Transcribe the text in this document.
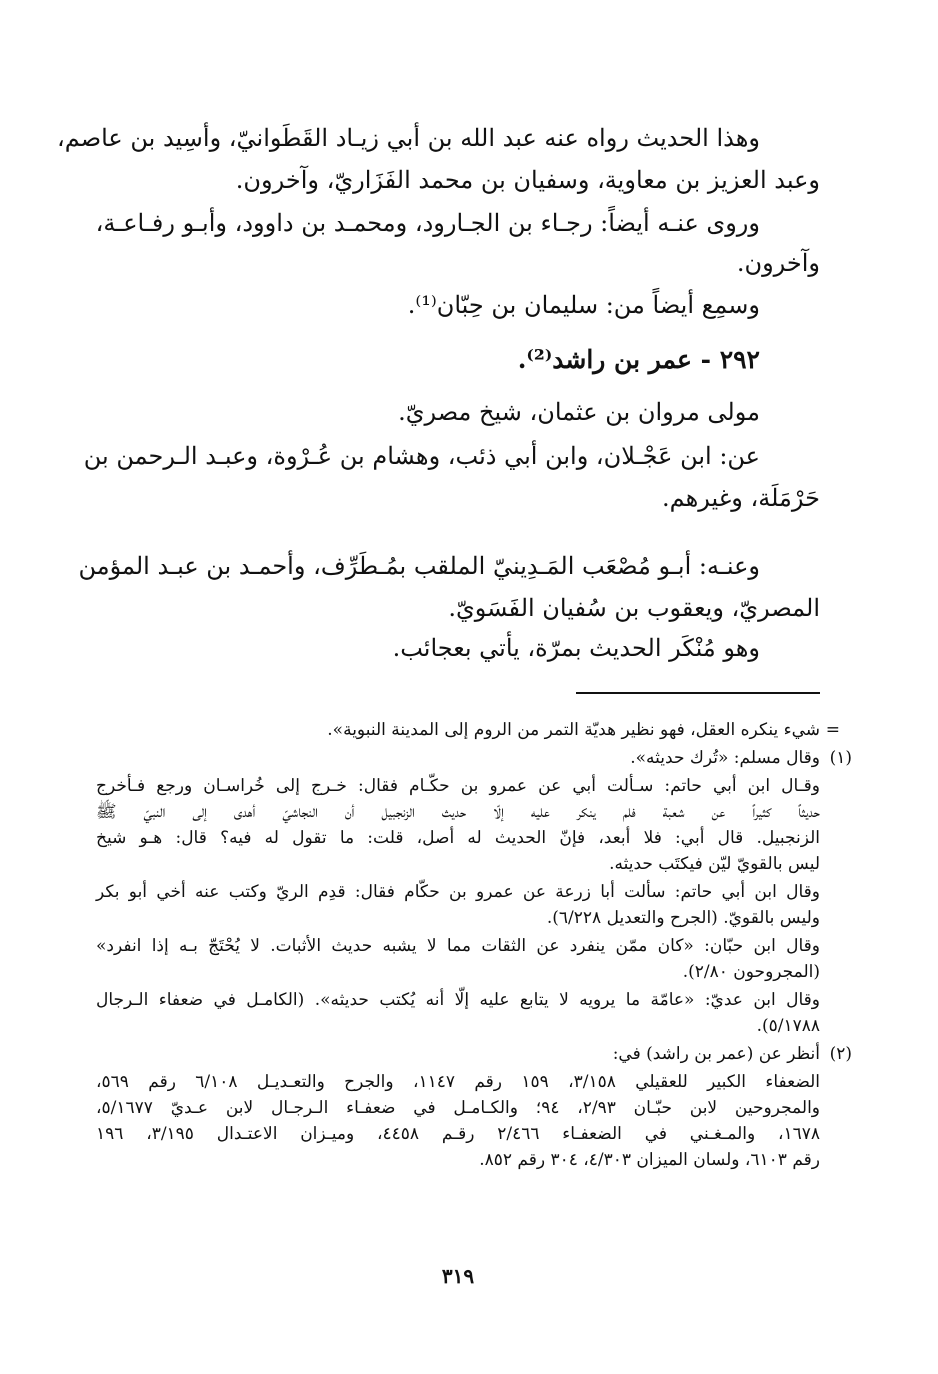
وهذا الحديث رواه عنه عبد الله بن أبي زيـاد القَطَوانيّ، وأسِيد بن عاصم،
وعبد العزيز بن معاوية، وسفيان بن محمد الفَزَاريّ، وآخرون.
وروى عنـه أيضاً: رجـاء بن الجـارود، ومحمـد بن داوود، وأبـو رفـاعـة،
وآخرون.
وسمِع أيضاً من: سليمان بن حِبّان⁽¹⁾.
٢٩٢ - عمر بن راشد⁽²⁾.
مولى مروان بن عثمان، شيخ مصريّ.
عن: ابن عَجْـلان، وابن أبي ذئب، وهشام بن عُـرْوة، وعبـد الـرحمن بن
حَرْمَلَة، وغيرهم.
وعنـه: أبـو مُصْعَب المَـدِينيّ الملقب بمُـطَرِّف، وأحمـد بن عبـد المؤمن
المصريّ، ويعقوب بن سُفيان الفَسَويّ.
وهو مُنْكَر الحديث بمرّة، يأتي بعجائب.
=
شيء ينكره العقل، فهو نظير هديّة التمر من الروم إلى المدينة النبوية».
(١)
وقال مسلم: «تُرك حديثه».
وقـال ابن أبي حاتم: سـألت أبي عن عمرو بن حكّـام فقال: خـرج إلى خُراسـان ورجع فـأخرج
حديثاً كثيراً عن شعبة فلم ينكر عليه إلّا حديث الزنجبيل أن النجاشيّ أهدى إلى النبيّ ﷺ
الزنجبيل. قال أبي: فلا أبعد، فإنّ الحديث له أصل، قلت: ما تقول له فيه؟ قال: هـو شيخ
ليس بالقويّ ليّن فيكتَب حديثه.
وقال ابن أبي حاتم: سألت أبا زرعة عن عمرو بن حكّام فقال: قدِم الريّ وكتب عنه أخي أبو بكر
وليس بالقويّ. (الجرح والتعديل ٦/٢٢٨).
وقال ابن حبّان: «كان ممّن ينفرد عن الثقات مما لا يشبه حديث الأثبات. لا يُحْتَجّ بـه إذا انفرد»
(المجروحون ٢/٨٠).
وقال ابن عديّ: «عامّة ما يرويه لا يتابع عليه إلّا أنه يُكتب حديثه». (الكامـل في ضعفاء الـرجال
٥/١٧٨٨).
(٢)
أنظر عن (عمر بن راشد) في:
الضعفاء الكبير للعقيلي ٣/١٥٨، ١٥٩ رقم ١١٤٧، والجرح والتعـديـل ٦/١٠٨ رقم ٥٦٩،
والمجروحين لابن حبّـان ٢/٩٣، ٩٤؛ والكـامـل في ضعفـاء الـرجـال لابن عـديّ ٥/١٦٧٧،
١٦٧٨، والمـغـني في الضعفـاء ٢/٤٦٦ رقـم ٤٤٥٨، وميـزان الاعتـدال ٣/١٩٥، ١٩٦
رقم ٦١٠٣، ولسان الميزان ٤/٣٠٣، ٣٠٤ رقم ٨٥٢.
٣١٩
